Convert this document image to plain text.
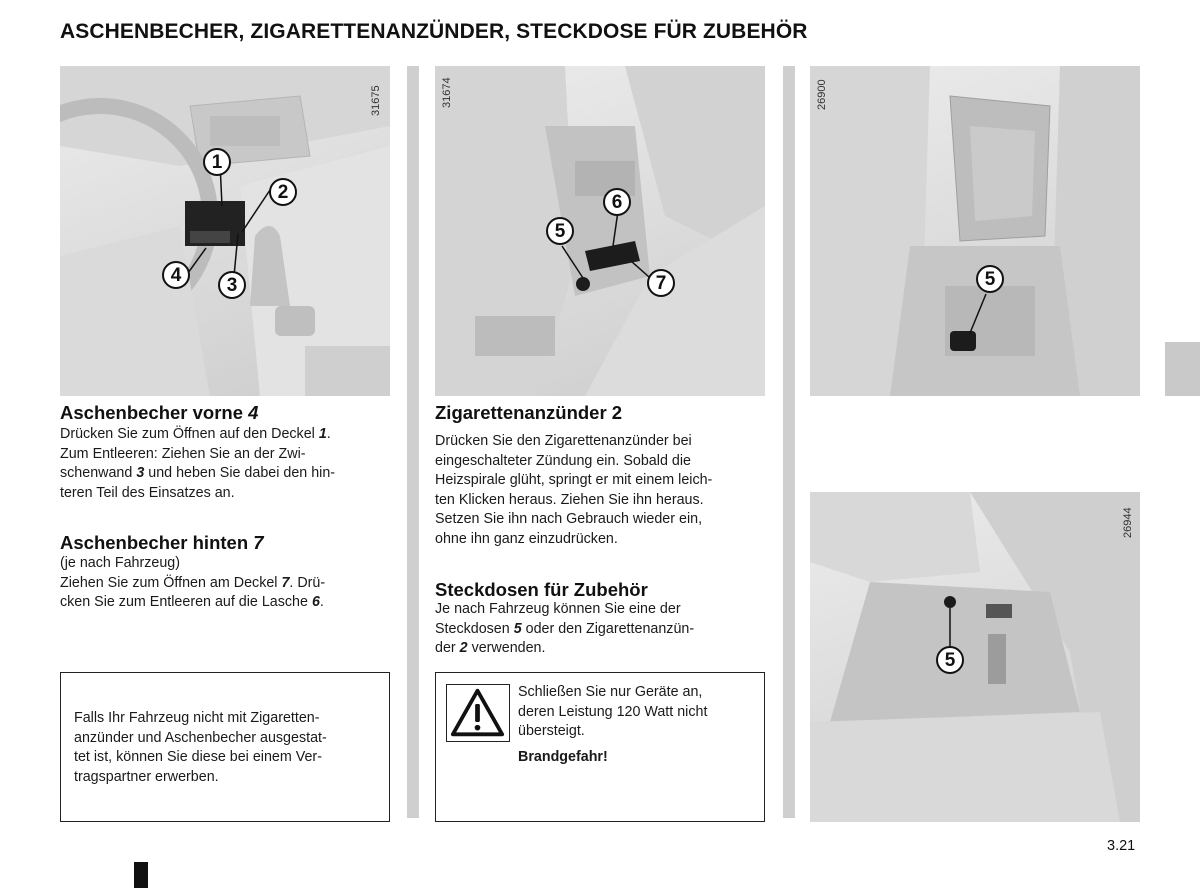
ASCHENBECHER, ZIGARETTENANZÜNDER, STECKDOSE FÜR ZUBEHÖR
31675
1
2
3
4
31674
5
6
7
26900
5
26944
5
Aschenbecher vorne 4
Drücken Sie zum Öffnen auf den Deckel 1.
Zum Entleeren: Ziehen Sie an der Zwi-
schenwand 3 und heben Sie dabei den hin-
teren Teil des Einsatzes an.
Aschenbecher hinten 7
(je nach Fahrzeug)
Ziehen Sie zum Öffnen am Deckel 7. Drü-
cken Sie zum Entleeren auf die Lasche 6.
Zigarettenanzünder 2
Drücken Sie den Zigarettenanzünder bei
eingeschalteter Zündung ein. Sobald die
Heizspirale glüht, springt er mit einem leich-
ten Klicken heraus. Ziehen Sie ihn heraus.
Setzen Sie ihn nach Gebrauch wieder ein,
ohne ihn ganz einzudrücken.
Steckdosen für Zubehör
Je nach Fahrzeug können Sie eine der
Steckdosen 5 oder den Zigarettenanzün-
der 2 verwenden.
Falls Ihr Fahrzeug nicht mit Zigaretten-
anzünder und Aschenbecher ausgestat-
tet ist, können Sie diese bei einem Ver-
tragspartner erwerben.
Schließen Sie nur Geräte an,
deren Leistung 120 Watt nicht
übersteigt.
Brandgefahr!
3.21
